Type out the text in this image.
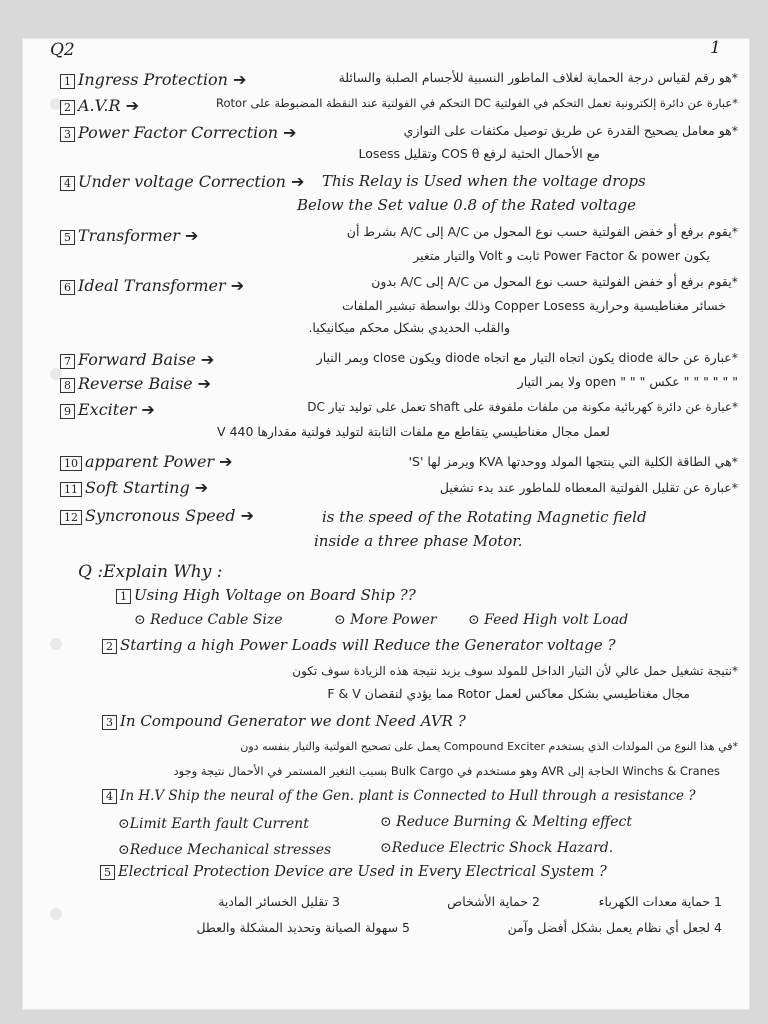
Q2	1
1 Ingress Protection ➔	*هو رقم لقياس درجة الحماية لغلاف الماطور النسبية للأجسام الصلبة والسائلة
2 A.V.R ➔	*عبارة عن دائرة إلكترونية تعمل التحكم في الفولتية DC التحكم في الفولتية عند النقطة المضبوطة على Rotor
3 Power Factor Correction ➔	*هو معامل يصحيح القدرة عن طريق توصيل مكثفات على التوازي
مع الأحمال الحثية لرفع COS θ وتقليل Losess
4 Under voltage Correction ➔ This Relay is Used when the voltage drops
Below the Set value 0.8 of the Rated voltage
5 Transformer ➔	*يقوم برفع أو خفض الفولتية حسب نوع المحول من A/C إلى A/C بشرط أن
يكون Power Factor & power ثابت و Volt والتيار متغير
6 Ideal Transformer ➔	*يقوم برفع أو خفض الفولتية حسب نوع المحول من A/C إلى A/C بدون
خسائر مغناطيسية وحرارية Copper Losess وذلك بواسطة تبشير الملفات
والقلب الحديدي بشكل محكم ميكانيكيا.
7 Forward Baise ➔	*عبارة عن حالة diode يكون اتجاه التيار مع اتجاه diode ويكون close ويمر التيار
8 Reverse Baise ➔	" " " " " " عكس " " " open ولا يمر التيار
9 Exciter ➔	*عبارة عن دائرة كهربائية مكونة من ملفات ملفوفة على shaft تعمل على توليد تيار DC
لعمل مجال مغناطيسي يتقاطع مع ملفات الثابتة لتوليد فولتية مقدارها 440 V
10 apparent Power ➔	*هي الطاقة الكلية التي ينتجها المولد ووحدتها KVA ويرمز لها 'S'
11 Soft Starting ➔	*عبارة عن تقليل الفولتية المعطاه للماطور عند بدء تشغيل
12 Syncronous Speed ➔	is the speed of the Rotating Magnetic field
inside a three phase Motor.
Q :Explain Why :
1 Using High Voltage on Board Ship ??
⊙ Reduce Cable Size	⊙ More Power ⊙ Feed High volt Load
2 Starting a high Power Loads will Reduce the Generator voltage ?
*نتيجة تشغيل حمل عالي لأن التيار الداخل للمولد سوف يزيد نتيجة هذه الزيادة سوف تكون
مجال مغناطيسي بشكل معاكس لعمل Rotor مما يؤدي لنقصان F & V
3 In Compound Generator we dont Need AVR ?
*في هذا النوع من المولدات الذي يستخدم Compound Exciter يعمل على تصحيح الفولتية والتيار بنفسه دون
Winchs & Cranes الحاجة إلى AVR وهو مستخدم في Bulk Cargo بسبب التغير المستمر في الأحمال نتيجة وجود
4 In H.V Ship the neural of the Gen. plant is Connected to Hull through a resistance ?
⊙Limit Earth fault Current	⊙ Reduce Burning & Melting effect
⊙Reduce Mechanical stresses	⊙Reduce Electric Shock Hazard.
5 Electrical Protection Device are Used in Every Electrical System ?
1 حماية معدات الكهرباء
2 حماية الأشخاص
3 تقليل الخسائر المادية
4 لجعل أي نظام يعمل بشكل أفضل وآمن
5 سهولة الصيانة وتحديد المشكلة والعطل
